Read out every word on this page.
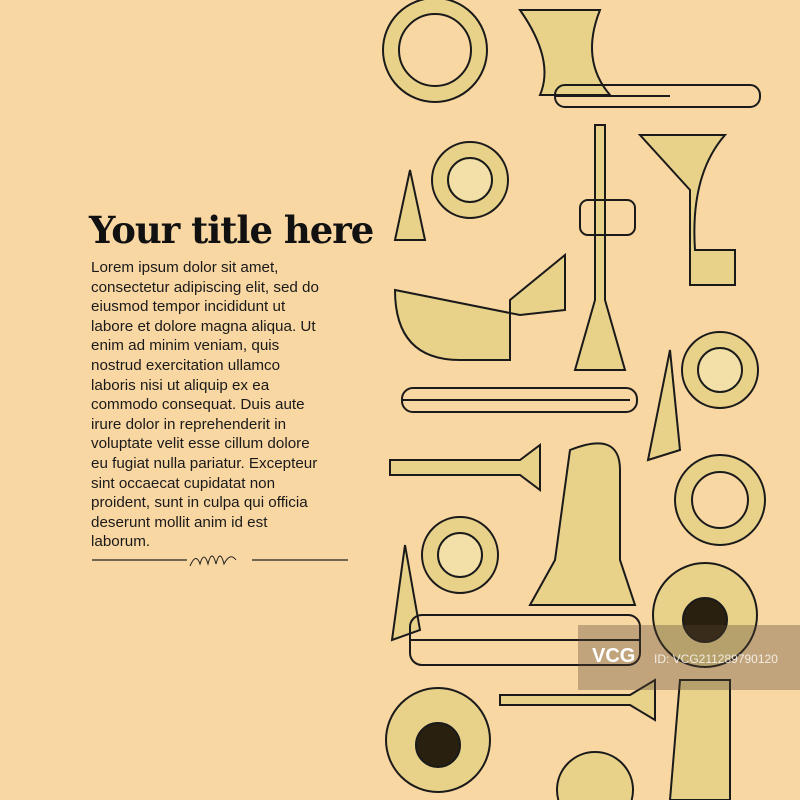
Your title here
Lorem ipsum dolor sit amet,
consectetur adipiscing elit, sed do
eiusmod tempor incididunt ut
labore et dolore magna aliqua. Ut
enim ad minim veniam, quis
nostrud exercitation ullamco
laboris nisi ut aliquip ex ea
commodo consequat. Duis aute
irure dolor in reprehenderit in
voluptate velit esse cillum dolore
eu fugiat nulla pariatur. Excepteur
sint occaecat cupidatat non
proident, sunt in culpa qui officia
deserunt mollit anim id est
laborum.
VCG ID: VCG211289790120
